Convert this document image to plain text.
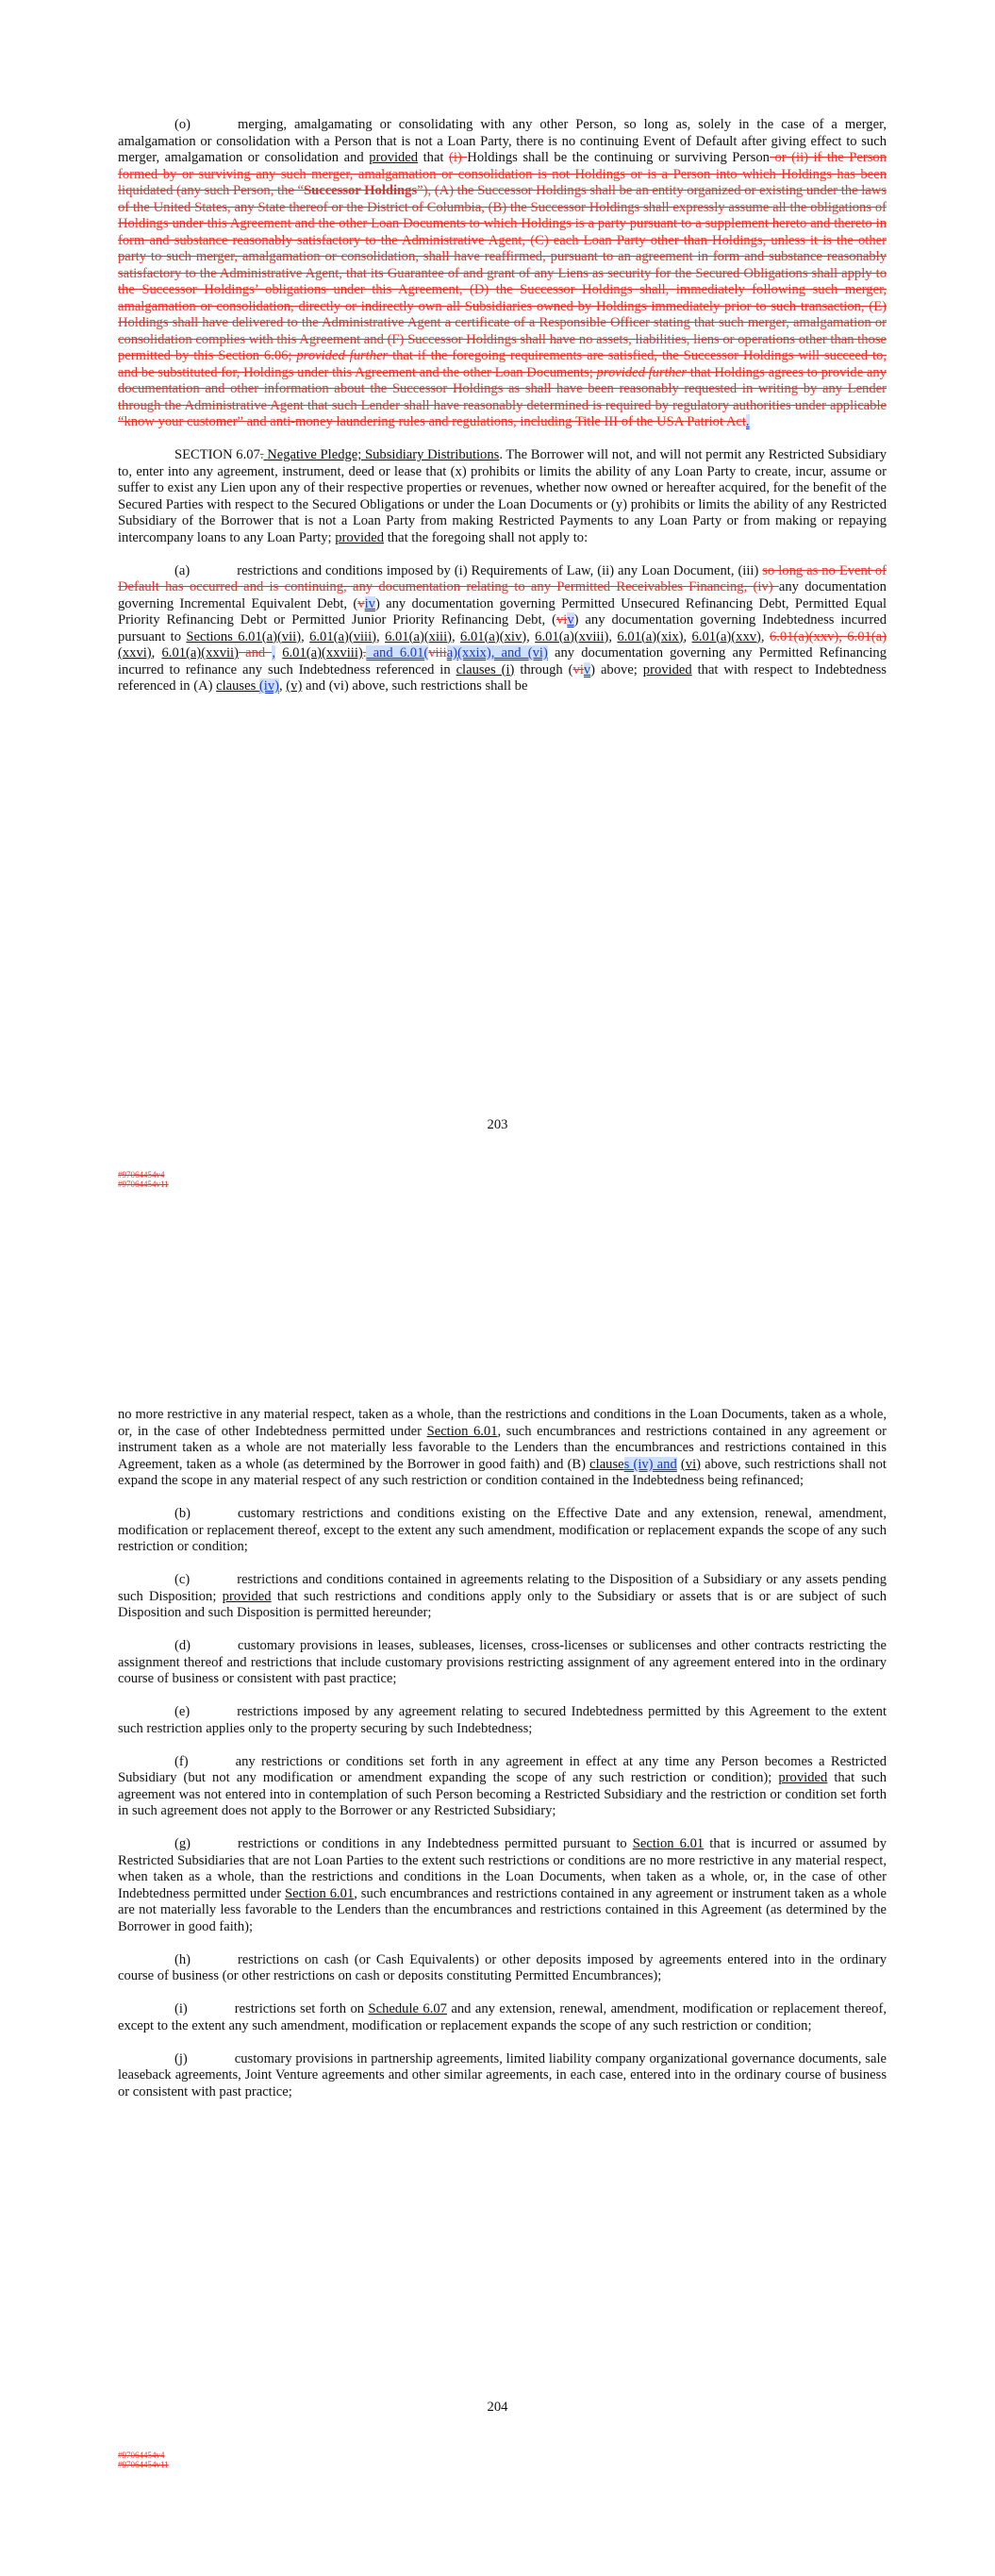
(o)	merging, amalgamating or consolidating with any other Person, so long as, solely in the case of a merger, amalgamation or consolidation with a Person that is not a Loan Party, there is no continuing Event of Default after giving effect to such merger, amalgamation or consolidation and provided that (i) Holdings shall be the continuing or surviving Person or (ii) if the Person formed by or surviving any such merger, amalgamation or consolidation is not Holdings or is a Person into which Holdings has been liquidated (any such Person, the “Successor Holdings”), (A) the Successor Holdings shall be an entity organized or existing under the laws of the United States, any State thereof or the District of Columbia, (B) the Successor Holdings shall expressly assume all the obligations of Holdings under this Agreement and the other Loan Documents to which Holdings is a party pursuant to a supplement hereto and thereto in form and substance reasonably satisfactory to the Administrative Agent, (C) each Loan Party other than Holdings, unless it is the other party to such merger, amalgamation or consolidation, shall have reaffirmed, pursuant to an agreement in form and substance reasonably satisfactory to the Administrative Agent, that its Guarantee of and grant of any Liens as security for the Secured Obligations shall apply to the Successor Holdings’ obligations under this Agreement, (D) the Successor Holdings shall, immediately following such merger, amalgamation or consolidation, directly or indirectly own all Subsidiaries owned by Holdings immediately prior to such transaction, (E) Holdings shall have delivered to the Administrative Agent a certificate of a Responsible Officer stating that such merger, amalgamation or consolidation complies with this Agreement and (F) Successor Holdings shall have no assets, liabilities, liens or operations other than those permitted by this Section 6.06; provided further that if the foregoing requirements are satisfied, the Successor Holdings will succeed to, and be substituted for, Holdings under this Agreement and the other Loan Documents; provided further that Holdings agrees to provide any documentation and other information about the Successor Holdings as shall have been reasonably requested in writing by any Lender through the Administrative Agent that such Lender shall have reasonably determined is required by regulatory authorities under applicable “know your customer” and anti-money laundering rules and regulations, including Title III of the USA Patriot Act.

SECTION 6.07. Negative Pledge; Subsidiary Distributions. The Borrower will not, and will not permit any Restricted Subsidiary to, enter into any agreement, instrument, deed or lease that (x) prohibits or limits the ability of any Loan Party to create, incur, assume or suffer to exist any Lien upon any of their respective properties or revenues, whether now owned or hereafter acquired, for the benefit of the Secured Parties with respect to the Secured Obligations or under the Loan Documents or (y) prohibits or limits the ability of any Restricted Subsidiary of the Borrower that is not a Loan Party from making Restricted Payments to any Loan Party or from making or repaying intercompany loans to any Loan Party; provided that the foregoing shall not apply to:

(a)	restrictions and conditions imposed by (i) Requirements of Law, (ii) any Loan Document, (iii) so long as no Event of Default has occurred and is continuing, any documentation relating to any Permitted Receivables Financing, (iv) any documentation governing Incremental Equivalent Debt, (viv) any documentation governing Permitted Unsecured Refinancing Debt, Permitted Equal Priority Refinancing Debt or Permitted Junior Priority Refinancing Debt, (viv) any documentation governing Indebtedness incurred pursuant to Sections 6.01(a)(vii), 6.01(a)(viii), 6.01(a)(xiii), 6.01(a)(xiv), 6.01(a)(xviii), 6.01(a)(xix), 6.01(a)(xxv), 6.01(a)(xxv), 6.01(a)(xxvi), 6.01(a)(xxvii) and , 6.01(a)(xxviii). and 6.01(viiia)(xxix), and (vi) any documentation governing any Permitted Refinancing incurred to refinance any such Indebtedness referenced in clauses (i) through (viv) above; provided that with respect to Indebtedness referenced in (A) clauses (iv), (v) and (vi) above, such restrictions shall be

203
#97064454v4
#97064454v11

no more restrictive in any material respect, taken as a whole, than the restrictions and conditions in the Loan Documents, taken as a whole, or, in the case of other Indebtedness permitted under Section 6.01, such encumbrances and restrictions contained in any agreement or instrument taken as a whole are not materially less favorable to the Lenders than the encumbrances and restrictions contained in this Agreement, taken as a whole (as determined by the Borrower in good faith) and (B) clauses (iv) and (vi) above, such restrictions shall not expand the scope in any material respect of any such restriction or condition contained in the Indebtedness being refinanced;

(b)	customary restrictions and conditions existing on the Effective Date and any extension, renewal, amendment, modification or replacement thereof, except to the extent any such amendment, modification or replacement expands the scope of any such restriction or condition;

(c)	restrictions and conditions contained in agreements relating to the Disposition of a Subsidiary or any assets pending such Disposition; provided that such restrictions and conditions apply only to the Subsidiary or assets that is or are subject of such Disposition and such Disposition is permitted hereunder;

(d)	customary provisions in leases, subleases, licenses, cross-licenses or sublicenses and other contracts restricting the assignment thereof and restrictions that include customary provisions restricting assignment of any agreement entered into in the ordinary course of business or consistent with past practice;

(e)	restrictions imposed by any agreement relating to secured Indebtedness permitted by this Agreement to the extent such restriction applies only to the property securing by such Indebtedness;

(f)	any restrictions or conditions set forth in any agreement in effect at any time any Person becomes a Restricted Subsidiary (but not any modification or amendment expanding the scope of any such restriction or condition); provided that such agreement was not entered into in contemplation of such Person becoming a Restricted Subsidiary and the restriction or condition set forth in such agreement does not apply to the Borrower or any Restricted Subsidiary;

(g)	restrictions or conditions in any Indebtedness permitted pursuant to Section 6.01 that is incurred or assumed by Restricted Subsidiaries that are not Loan Parties to the extent such restrictions or conditions are no more restrictive in any material respect, when taken as a whole, than the restrictions and conditions in the Loan Documents, when taken as a whole, or, in the case of other Indebtedness permitted under Section 6.01, such encumbrances and restrictions contained in any agreement or instrument taken as a whole are not materially less favorable to the Lenders than the encumbrances and restrictions contained in this Agreement (as determined by the Borrower in good faith);

(h)	restrictions on cash (or Cash Equivalents) or other deposits imposed by agreements entered into in the ordinary course of business (or other restrictions on cash or deposits constituting Permitted Encumbrances);

(i)	restrictions set forth on Schedule 6.07 and any extension, renewal, amendment, modification or replacement thereof, except to the extent any such amendment, modification or replacement expands the scope of any such restriction or condition;

(j)	customary provisions in partnership agreements, limited liability company organizational governance documents, sale leaseback agreements, Joint Venture agreements and other similar agreements, in each case, entered into in the ordinary course of business or consistent with past practice;

204
#97064454v4
#97064454v11
